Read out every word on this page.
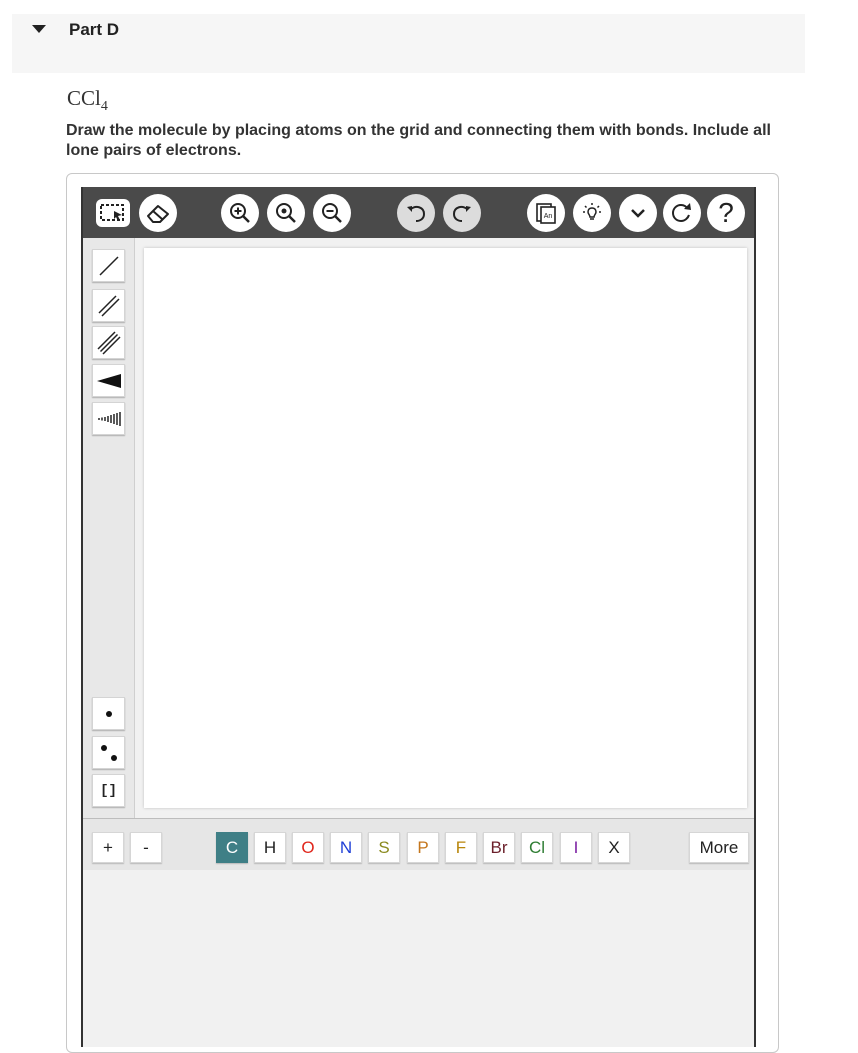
Part D
CCl$_4$
Draw the molecule by placing atoms on the grid and connecting them with bonds. Include all lone pairs of electrons.
An	?
[]
+	-	C	H	O	N	S	P	F	Br	Cl	I	X	More
